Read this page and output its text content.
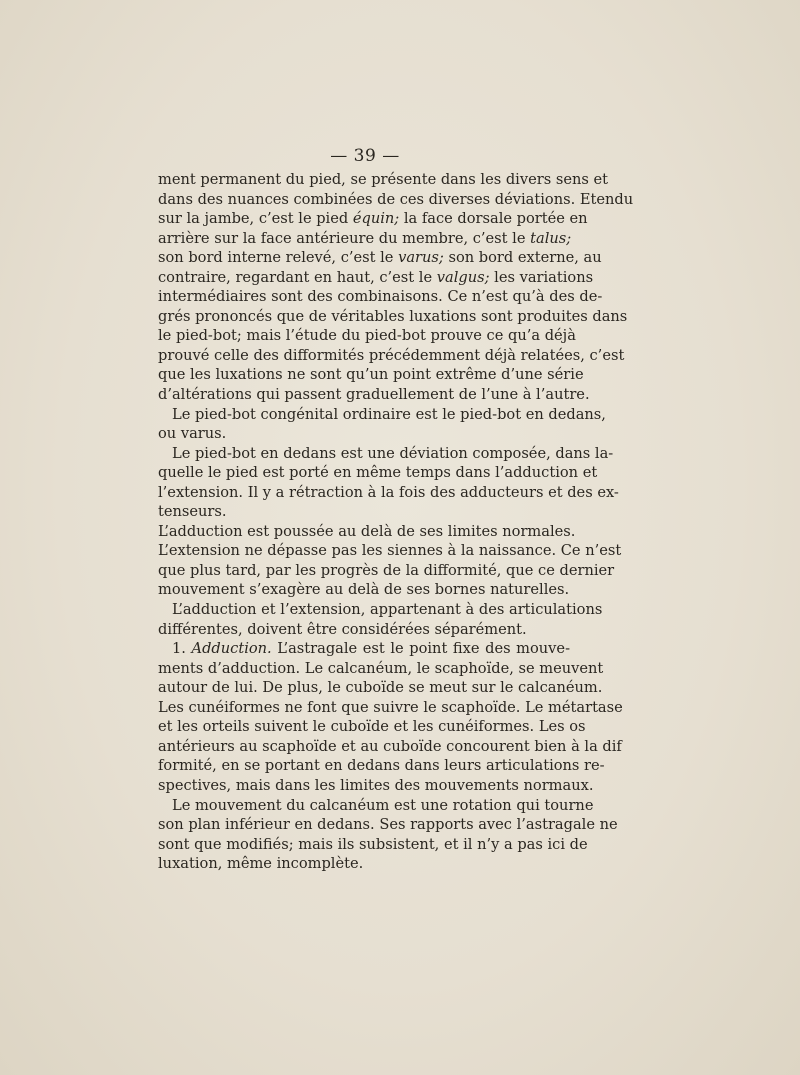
— 39 —
ment permanent du pied, se présente dans les divers sens et
dans des nuances combinées de ces diverses déviations. Etendu
sur la jambe, c’est le pied équin; la face dorsale portée en
arrière sur la face antérieure du membre, c’est le talus;
son bord interne relevé, c’est le varus; son bord externe, au
contraire, regardant en haut, c’est le valgus; les variations
intermédiaires sont des combinaisons. Ce n’est qu’à des de-
grés prononcés que de véritables luxations sont produites dans
le pied-bot; mais l’étude du pied-bot prouve ce qu’a déjà
prouvé celle des difformités précédemment déjà relatées, c’est
que les luxations ne sont qu’un point extrême d’une série
d’altérations qui passent graduellement de l’une à l’autre.
Le pied-bot congénital ordinaire est le pied-bot en dedans,
ou varus.
Le pied-bot en dedans est une déviation composée, dans la-
quelle le pied est porté en même temps dans l’adduction et
l’extension. Il y a rétraction à la fois des adducteurs et des ex-
tenseurs.
L’adduction est poussée au delà de ses limites normales.
L’extension ne dépasse pas les siennes à la naissance. Ce n’est
que plus tard, par les progrès de la difformité, que ce dernier
mouvement s’exagère au delà de ses bornes naturelles.
L’adduction et l’extension, appartenant à des articulations
différentes, doivent être considérées séparément.
1. Adduction. L’astragale est le point fixe des mouve-
ments d’adduction. Le calcanéum, le scaphoïde, se meuvent
autour de lui. De plus, le cuboïde se meut sur le calcanéum.
Les cunéiformes ne font que suivre le scaphoïde. Le métartase
et les orteils suivent le cuboïde et les cunéiformes. Les os
antérieurs au scaphoïde et au cuboïde concourent bien à la dif
formité, en se portant en dedans dans leurs articulations re-
spectives, mais dans les limites des mouvements normaux.
Le mouvement du calcanéum est une rotation qui tourne
son plan inférieur en dedans. Ses rapports avec l’astragale ne
sont que modifiés; mais ils subsistent, et il n’y a pas ici de
luxation, même incomplète.
